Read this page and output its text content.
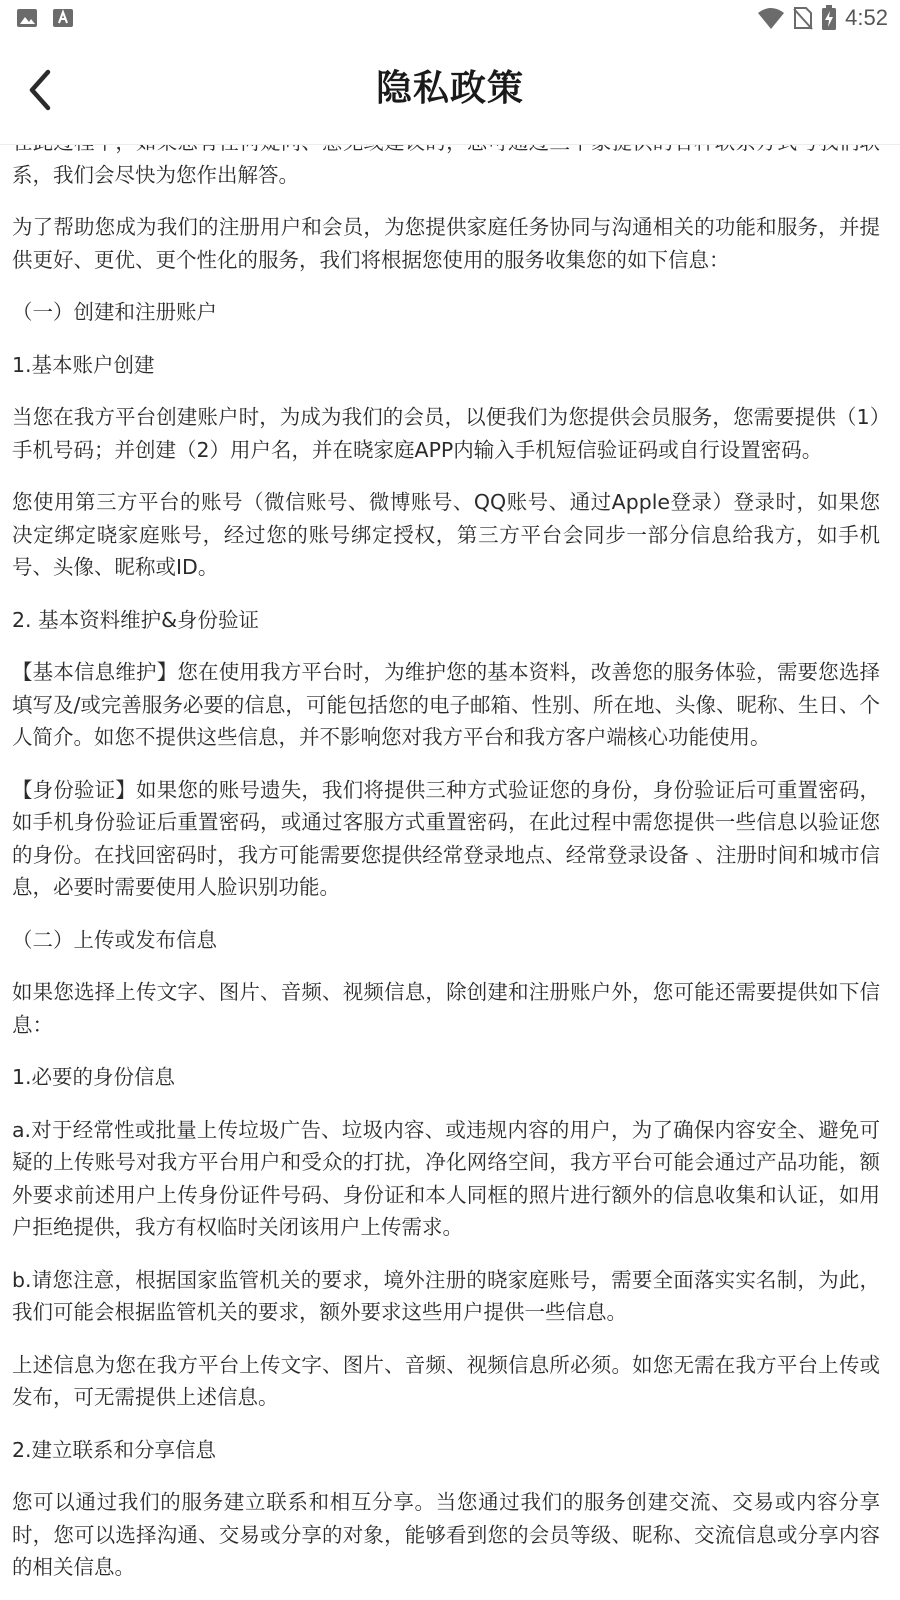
系，我们会尽快为您作出解答。

为了帮助您成为我们的注册用户和会员，为您提供家庭任务协同与沟通相关的功能和服务，并提供更好、更优、更个性化的服务，我们将根据您使用的服务收集您的如下信息：

（一）创建和注册账户

1.基本账户创建

当您在我方平台创建账户时，为成为我们的会员，以便我们为您提供会员服务，您需要提供（1）手机号码；并创建（2）用户名，并在晓家庭APP内输入手机短信验证码或自行设置密码。

您使用第三方平台的账号（微信账号、微博账号、QQ账号、通过Apple登录）登录时，如果您决定绑定晓家庭账号，经过您的账号绑定授权，第三方平台会同步一部分信息给我方，如手机号、头像、昵称或ID。

2. 基本资料维护&身份验证

【基本信息维护】您在使用我方平台时，为维护您的基本资料，改善您的服务体验，需要您选择填写及/或完善服务必要的信息，可能包括您的电子邮箱、性别、所在地、头像、昵称、生日、个人简介。如您不提供这些信息，并不影响您对我方平台和我方客户端核心功能使用。

【身份验证】如果您的账号遗失，我们将提供三种方式验证您的身份，身份验证后可重置密码，如手机身份验证后重置密码，或通过客服方式重置密码，在此过程中需您提供一些信息以验证您的身份。在找回密码时，我方可能需要您提供经常登录地点、经常登录设备 、注册时间和城市信息，必要时需要使用人脸识别功能。

（二）上传或发布信息

如果您选择上传文字、图片、音频、视频信息，除创建和注册账户外，您可能还需要提供如下信息：

1.必要的身份信息

a.对于经常性或批量上传垃圾广告、垃圾内容、或违规内容的用户，为了确保内容安全、避免可疑的上传账号对我方平台用户和受众的打扰，净化网络空间，我方平台可能会通过产品功能，额外要求前述用户上传身份证件号码、身份证和本人同框的照片进行额外的信息收集和认证，如用户拒绝提供，我方有权临时关闭该用户上传需求。

b.请您注意，根据国家监管机关的要求，境外注册的晓家庭账号，需要全面落实实名制，为此，我们可能会根据监管机关的要求，额外要求这些用户提供一些信息。

上述信息为您在我方平台上传文字、图片、音频、视频信息所必须。如您无需在我方平台上传或发布，可无需提供上述信息。

2.建立联系和分享信息

您可以通过我们的服务建立联系和相互分享。当您通过我们的服务创建交流、交易或内容分享时，您可以选择沟通、交易或分享的对象，能够看到您的会员等级、昵称、交流信息或分享内容的相关信息。

4:52
隐私政策
